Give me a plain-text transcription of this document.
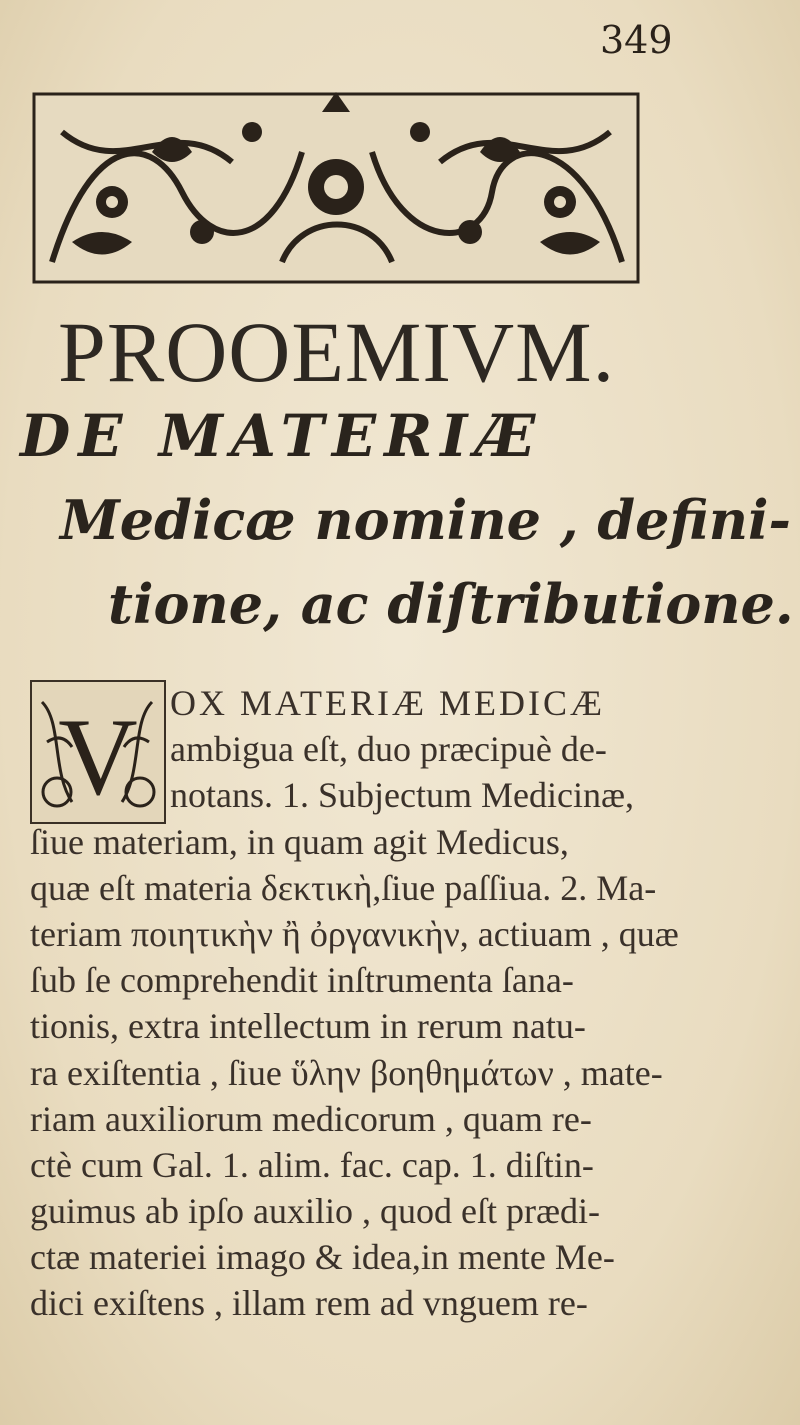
349
PROOEMIVM.
DE MATERIÆ
Medicæ nomine , defini-
tione, ac diſtributione.
V OX MATERIÆ MEDICÆ
ambigua eſt, duo præcipuè de-
notans. 1. Subjectum Medicinæ,
ſiue materiam, in quam agit Medicus,
quæ eſt materia δεκτικὴ,ſiue paſſiua. 2. Ma-
teriam ποιητικὴν ἢ ὀργανικὴν, actiuam , quæ
ſub ſe comprehendit inſtrumenta ſana-
tionis, extra intellectum in rerum natu-
ra exiſtentia , ſiue ὕλην βοηθημάτων , mate-
riam auxiliorum medicorum , quam re-
ctè cum Gal. 1. alim. fac. cap. 1. diſtin-
guimus ab ipſo auxilio , quod eſt prædi-
ctæ materiei imago & idea,in mente Me-
dici exiſtens , illam rem ad vnguem re-
